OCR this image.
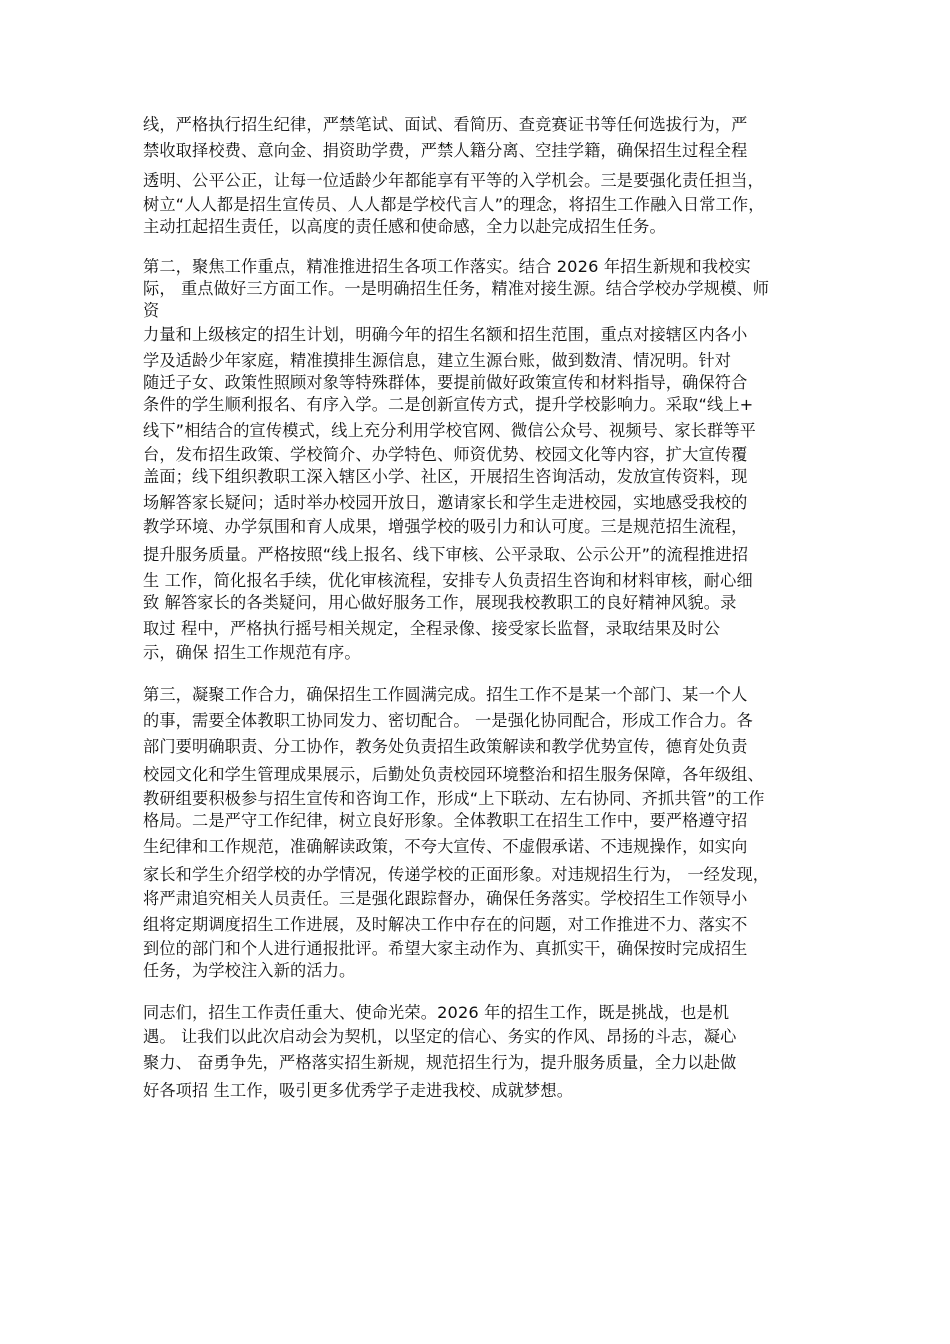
线，严格执行招生纪律，严禁笔试、面试、看简历、查竞赛证书等任何选拔行为，严

禁收取择校费、意向金、捐资助学费，严禁人籍分离、空挂学籍，确保招生过程全程

透明、公平公正，让每一位适龄少年都能享有平等的入学机会。三是要强化责任担当，

树立“人人都是招生宣传员、人人都是学校代言人”的理念，将招生工作融入日常工作，

主动扛起招生责任，以高度的责任感和使命感，全力以赴完成招生任务。

第二，聚焦工作重点，精准推进招生各项工作落实。结合 2026 年招生新规和我校实

际， 重点做好三方面工作。一是明确招生任务，精准对接生源。结合学校办学规模、师

资

力量和上级核定的招生计划，明确今年的招生名额和招生范围，重点对接辖区内各小

学及适龄少年家庭，精准摸排生源信息，建立生源台账，做到数清、情况明。针对

随迁子女、政策性照顾对象等特殊群体，要提前做好政策宣传和材料指导，确保符合

条件的学生顺利报名、有序入学。二是创新宣传方式，提升学校影响力。采取“线上+

线下”相结合的宣传模式，线上充分利用学校官网、微信公众号、视频号、家长群等平

台，发布招生政策、学校简介、办学特色、师资优势、校园文化等内容，扩大宣传覆

盖面；线下组织教职工深入辖区小学、社区，开展招生咨询活动，发放宣传资料，现

场解答家长疑问；适时举办校园开放日，邀请家长和学生走进校园，实地感受我校的

教学环境、办学氛围和育人成果，增强学校的吸引力和认可度。三是规范招生流程，

提升服务质量。严格按照“线上报名、线下审核、公平录取、公示公开”的流程推进招

生 工作，简化报名手续，优化审核流程，安排专人负责招生咨询和材料审核，耐心细

致 解答家长的各类疑问，用心做好服务工作，展现我校教职工的良好精神风貌。录

取过 程中，严格执行摇号相关规定，全程录像、接受家长监督，录取结果及时公

示，确保 招生工作规范有序。

第三，凝聚工作合力，确保招生工作圆满完成。招生工作不是某一个部门、某一个人

的事，需要全体教职工协同发力、密切配合。 一是强化协同配合，形成工作合力。各

部门要明确职责、分工协作，教务处负责招生政策解读和教学优势宣传，德育处负责

校园文化和学生管理成果展示，后勤处负责校园环境整治和招生服务保障，各年级组、

教研组要积极参与招生宣传和咨询工作，形成“上下联动、左右协同、齐抓共管”的工作

格局。二是严守工作纪律，树立良好形象。全体教职工在招生工作中，要严格遵守招

生纪律和工作规范，准确解读政策，不夸大宣传、不虚假承诺、不违规操作，如实向

家长和学生介绍学校的办学情况，传递学校的正面形象。对违规招生行为， 一经发现，

将严肃追究相关人员责任。三是强化跟踪督办，确保任务落实。学校招生工作领导小

组将定期调度招生工作进展，及时解决工作中存在的问题，对工作推进不力、落实不

到位的部门和个人进行通报批评。希望大家主动作为、真抓实干，确保按时完成招生

任务，为学校注入新的活力。

同志们，招生工作责任重大、使命光荣。2026 年的招生工作，既是挑战，也是机

遇。 让我们以此次启动会为契机，以坚定的信心、务实的作风、昂扬的斗志，凝心

聚力、 奋勇争先，严格落实招生新规，规范招生行为，提升服务质量，全力以赴做

好各项招 生工作，吸引更多优秀学子走进我校、成就梦想。
